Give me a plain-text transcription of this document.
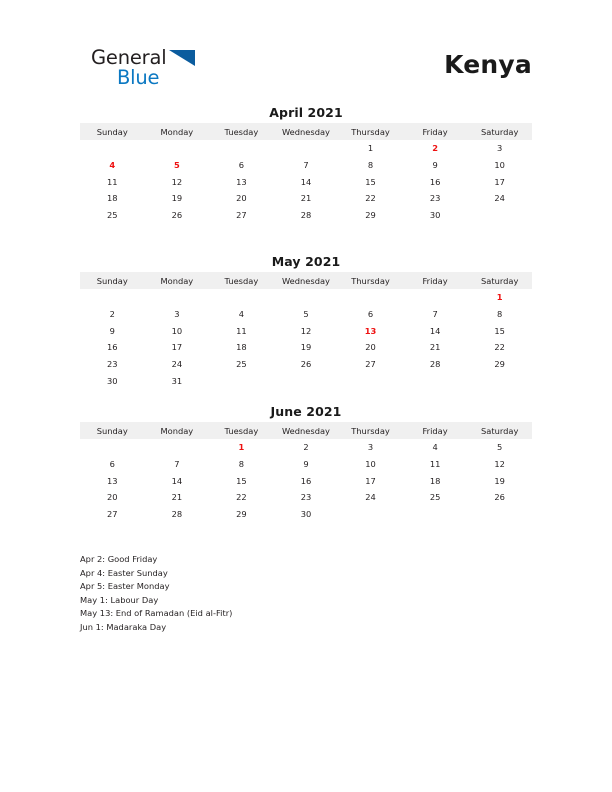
General
Blue	Kenya
April 2021
Sunday	Monday	Tuesday	Wednesday	Thursday	Friday	Saturday
				1	2	3
4	5	6	7	8	9	10
11	12	13	14	15	16	17
18	19	20	21	22	23	24
25	26	27	28	29	30	
May 2021
Sunday	Monday	Tuesday	Wednesday	Thursday	Friday	Saturday
						1
2	3	4	5	6	7	8
9	10	11	12	13	14	15
16	17	18	19	20	21	22
23	24	25	26	27	28	29
30	31					
June 2021
Sunday	Monday	Tuesday	Wednesday	Thursday	Friday	Saturday
		1	2	3	4	5
6	7	8	9	10	11	12
13	14	15	16	17	18	19
20	21	22	23	24	25	26
27	28	29	30			
Apr 2: Good Friday
Apr 4: Easter Sunday
Apr 5: Easter Monday
May 1: Labour Day
May 13: End of Ramadan (Eid al-Fitr)
Jun 1: Madaraka Day
